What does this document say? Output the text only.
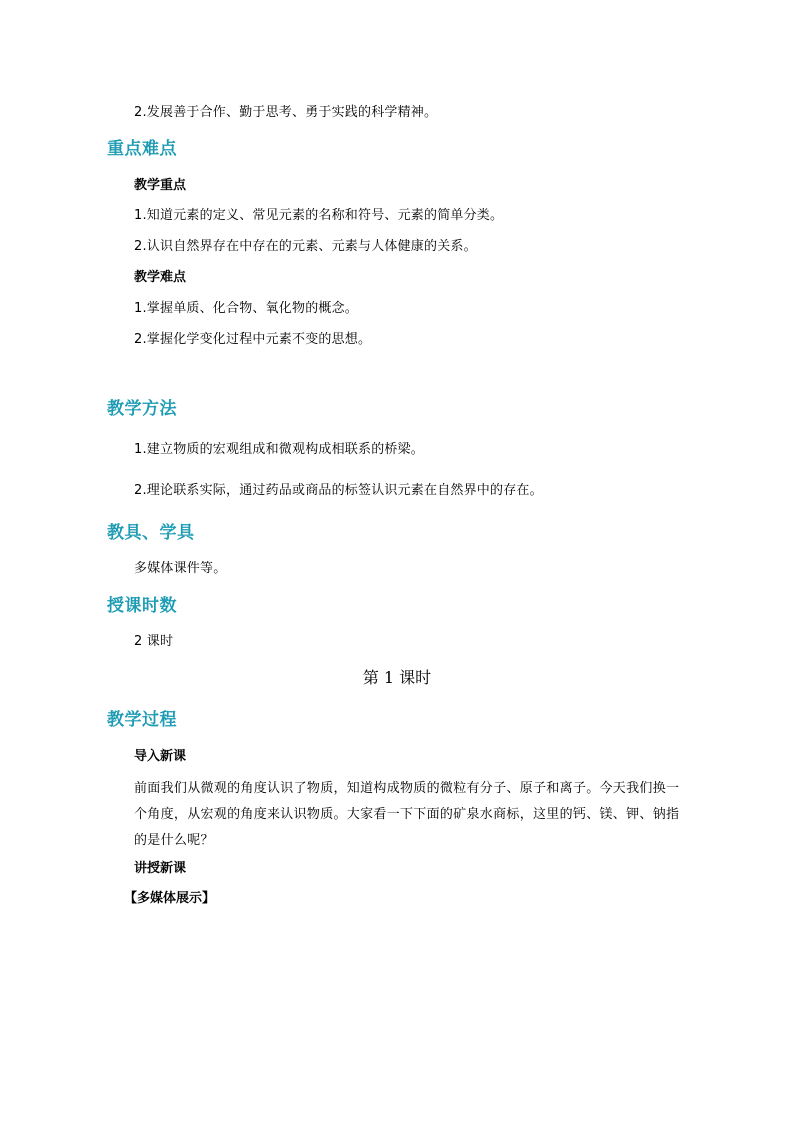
2.发展善于合作、勤于思考、勇于实践的科学精神。
重点难点
教学重点
1.知道元素的定义、常见元素的名称和符号、元素的简单分类。
2.认识自然界存在中存在的元素、元素与人体健康的关系。
教学难点
1.掌握单质、化合物、氧化物的概念。
2.掌握化学变化过程中元素不变的思想。
教学方法
1.建立物质的宏观组成和微观构成相联系的桥梁。
2.理论联系实际，通过药品或商品的标签认识元素在自然界中的存在。
教具、学具
多媒体课件等。
授课时数
2 课时
第 1 课时
教学过程
导入新课
前面我们从微观的角度认识了物质，知道构成物质的微粒有分子、原子和离子。今天我们换一个角度，从宏观的角度来认识物质。大家看一下下面的矿泉水商标，这里的钙、镁、钾、钠指的是什么呢？
讲授新课
【多媒体展示】
